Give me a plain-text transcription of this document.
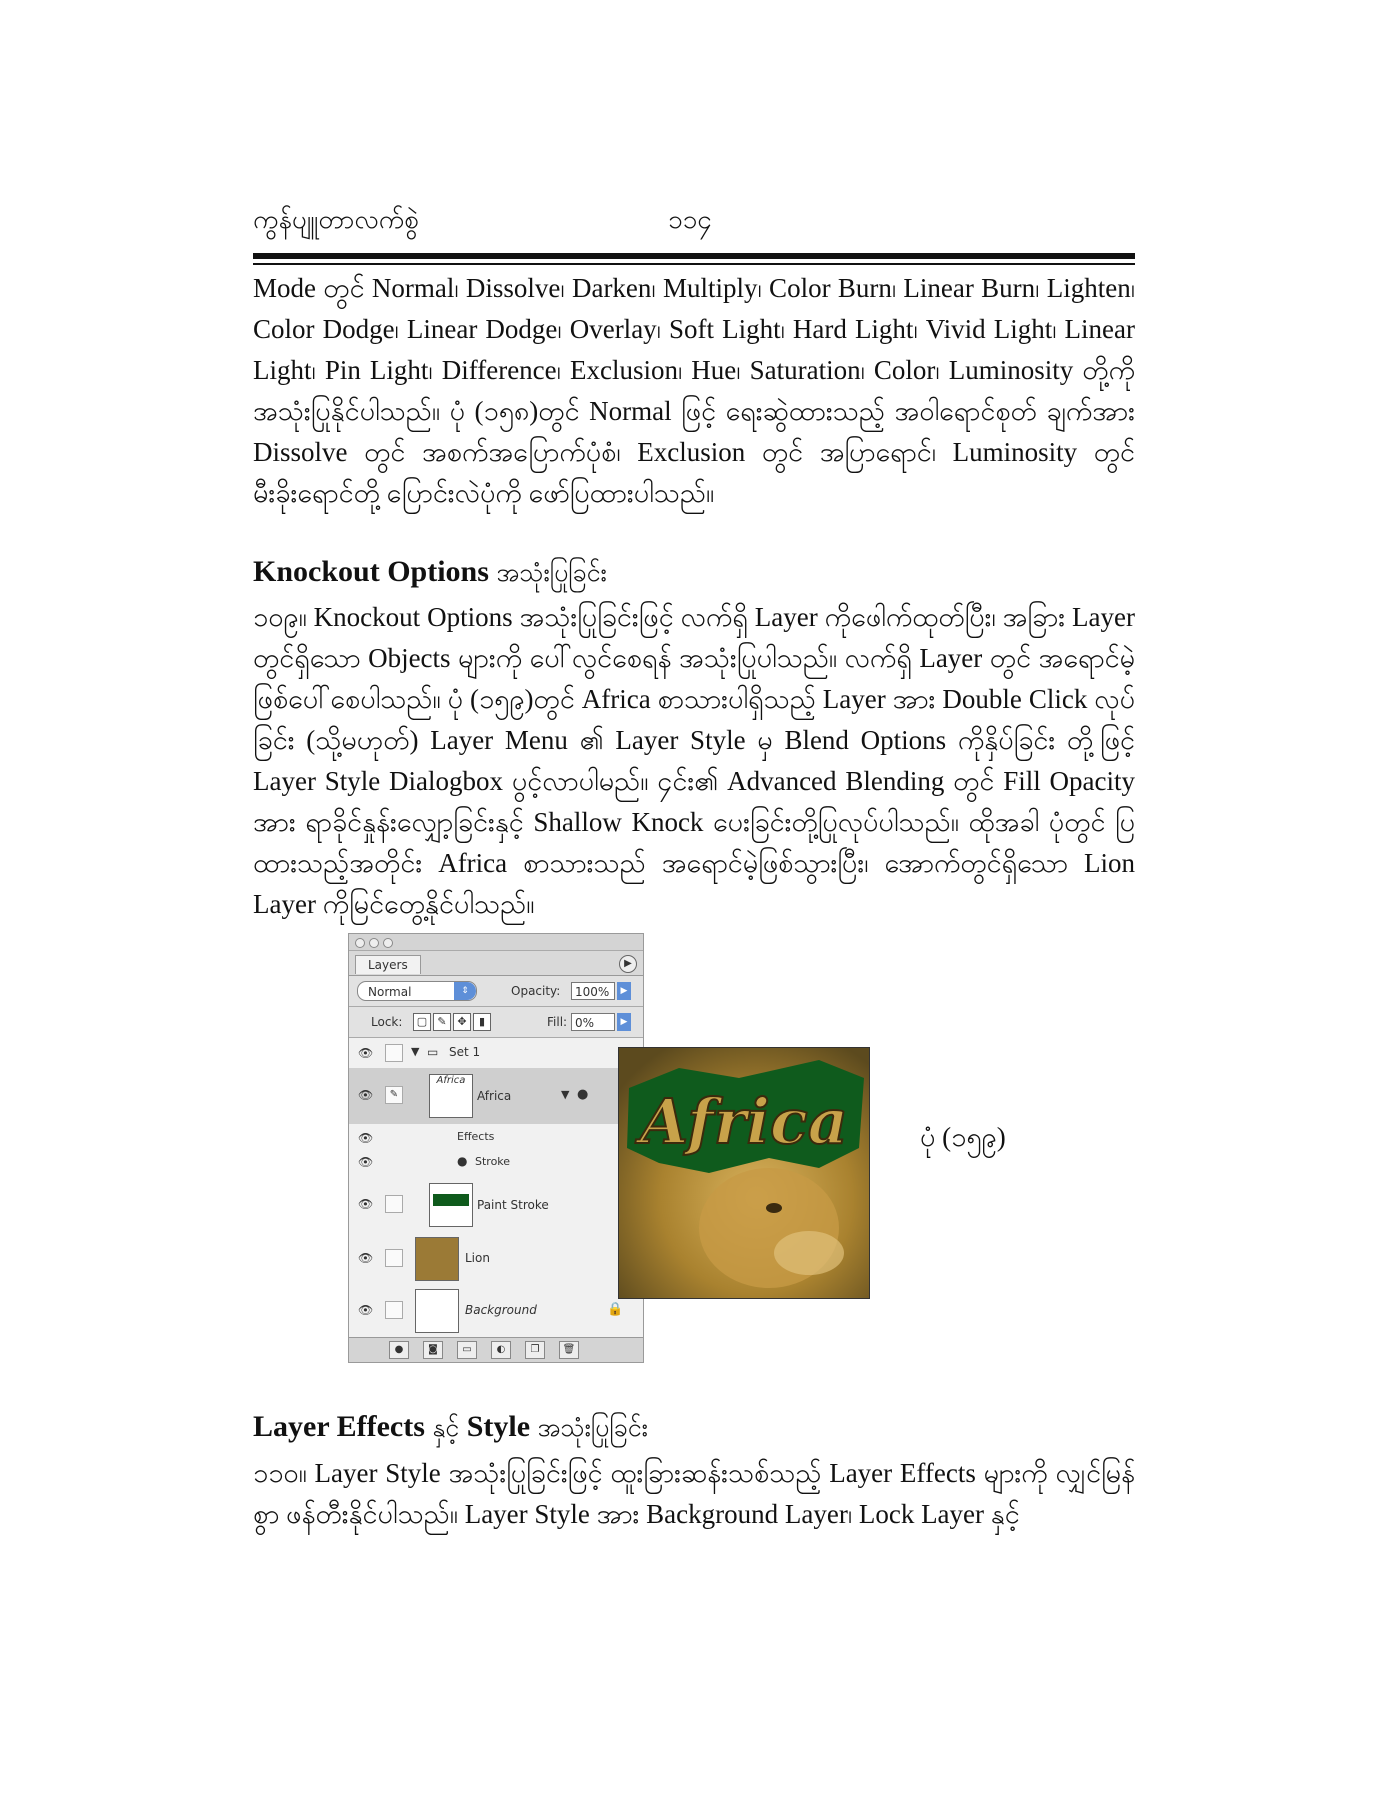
ကွန်ပျူတာလက်စွဲ	၁၁၄
Mode တွင် Normal၊ Dissolve၊ Darken၊ Multiply၊ Color Burn၊ Linear Burn၊ Lighten၊ Color Dodge၊ Linear Dodge၊ Overlay၊ Soft Light၊ Hard Light၊ Vivid Light၊ Linear Light၊ Pin Light၊ Difference၊ Exclusion၊ Hue၊ Saturation၊ Color၊ Luminosity တို့ကို အသုံးပြုနိုင်ပါသည်။ ပုံ (၁၅၈)တွင် Normal ဖြင့် ရေးဆွဲထားသည့် အဝါရောင်စုတ် ချက်အား Dissolve တွင် အစက်အပြောက်ပုံစံ၊ Exclusion တွင် အပြာရောင်၊ Luminosity တွင် မီးခိုးရောင်တို့ ပြောင်းလဲပုံကို ဖော်ပြထားပါသည်။
Knockout Options အသုံးပြုခြင်း
၁၀၉။ Knockout Options အသုံးပြုခြင်းဖြင့် လက်ရှိ Layer ကိုဖေါက်ထုတ်ပြီး၊ အခြား Layer တွင်ရှိသော Objects များကို ပေါ်လွင်စေရန် အသုံးပြုပါသည်။ လက်ရှိ Layer တွင် အရောင်မဲ့ဖြစ်ပေါ်စေပါသည်။ ပုံ (၁၅၉)တွင် Africa စာသားပါရှိသည့် Layer အား Double Click လုပ်ခြင်း (သို့မဟုတ်) Layer Menu ၏ Layer Style မှ Blend Options ကိုနှိပ်ခြင်း တို့ဖြင့် Layer Style Dialogbox ပွင့်လာပါမည်။ ၄င်း၏ Advanced Blending တွင် Fill Opacity အား ရာခိုင်နှုန်းလျှော့ခြင်းနှင့် Shallow Knock ပေးခြင်းတို့ပြုလုပ်ပါသည်။ ထိုအခါ ပုံတွင် ပြထားသည့်အတိုင်း Africa စာသားသည် အရောင်မဲ့ဖြစ်သွားပြီး၊ အောက်တွင်ရှိသော Lion Layer ကိုမြင်တွေ့နိုင်ပါသည်။
Layers	▶
Normal	⇕	Opacity:	100%	▶
Lock:	▢ ✎ ✥	▮	Fill: 0%	▶
👁	▼ ▭ Set 1
👁	✎
Africa
Africa	▼ ●
👁
👁
Effects
● Stroke
👁	Paint Stroke
👁	Lion
👁	Background	🔒
●	◙	▭	◐	❐	🗑
Africa	ပုံ (၁၅၉)
Layer Effects နှင့် Style အသုံးပြုခြင်း
၁၁၀။ Layer Style အသုံးပြုခြင်းဖြင့် ထူးခြားဆန်းသစ်သည့် Layer Effects များကို လျှင်မြန်စွာ ဖန်တီးနိုင်ပါသည်။ Layer Style အား Background Layer၊ Lock Layer နှင့်
